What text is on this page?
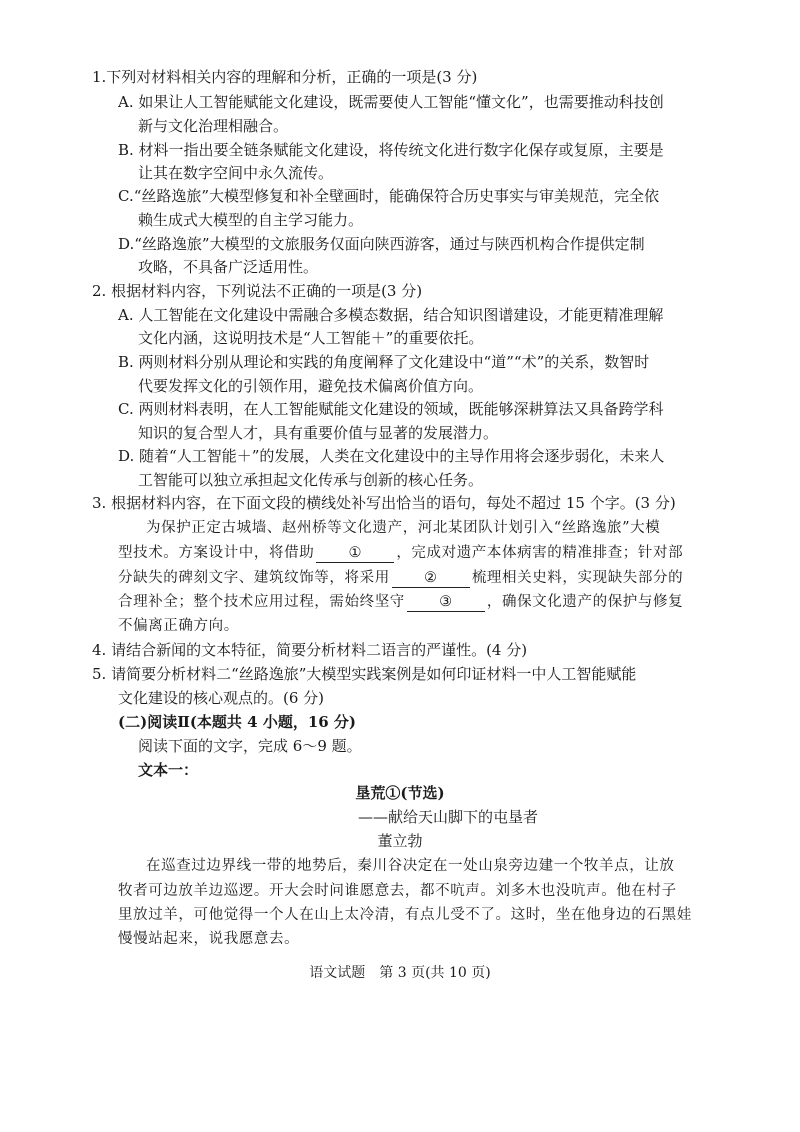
1.下列对材料相关内容的理解和分析，正确的一项是(3 分)
A. 如果让人工智能赋能文化建设，既需要使人工智能“懂文化”，也需要推动科技创
新与文化治理相融合。
B. 材料一指出要全链条赋能文化建设，将传统文化进行数字化保存或复原，主要是
让其在数字空间中永久流传。
C.“丝路逸旅”大模型修复和补全壁画时，能确保符合历史事实与审美规范，完全依
赖生成式大模型的自主学习能力。
D.“丝路逸旅”大模型的文旅服务仅面向陕西游客，通过与陕西机构合作提供定制
攻略，不具备广泛适用性。
2. 根据材料内容，下列说法不正确的一项是(3 分)
A. 人工智能在文化建设中需融合多模态数据，结合知识图谱建设，才能更精准理解
文化内涵，这说明技术是“人工智能＋”的重要依托。
B. 两则材料分别从理论和实践的角度阐释了文化建设中“道”“术”的关系，数智时
代要发挥文化的引领作用，避免技术偏离价值方向。
C. 两则材料表明，在人工智能赋能文化建设的领域，既能够深耕算法又具备跨学科
知识的复合型人才，具有重要价值与显著的发展潜力。
D. 随着“人工智能＋”的发展，人类在文化建设中的主导作用将会逐步弱化，未来人
工智能可以独立承担起文化传承与创新的核心任务。
3. 根据材料内容，在下面文段的横线处补写出恰当的语句，每处不超过 15 个字。(3 分)
为保护正定古城墙、赵州桥等文化遗产，河北某团队计划引入“丝路逸旅”大模
型技术。方案设计中，将借助 ① ，完成对遗产本体病害的精准排查；针对部
分缺失的碑刻文字、建筑纹饰等，将采用 ② 梳理相关史料，实现缺失部分的
合理补全；整个技术应用过程，需始终坚守 ③ ，确保文化遗产的保护与修复
不偏离正确方向。
4. 请结合新闻的文本特征，简要分析材料二语言的严谨性。(4 分)
5. 请简要分析材料二“丝路逸旅”大模型实践案例是如何印证材料一中人工智能赋能
文化建设的核心观点的。(6 分)
(二)阅读Ⅱ(本题共 4 小题，16 分)
阅读下面的文字，完成 6～9 题。
文本一：
垦荒①(节选)
——献给天山脚下的屯垦者
董立勃
在巡查过边界线一带的地势后，秦川谷决定在一处山泉旁边建一个牧羊点，让放
牧者可边放羊边巡逻。开大会时问谁愿意去，都不吭声。刘多木也没吭声。他在村子
里放过羊，可他觉得一个人在山上太冷清，有点儿受不了。这时，坐在他身边的石黑娃
慢慢站起来，说我愿意去。
语文试题　第 3 页(共 10 页)
